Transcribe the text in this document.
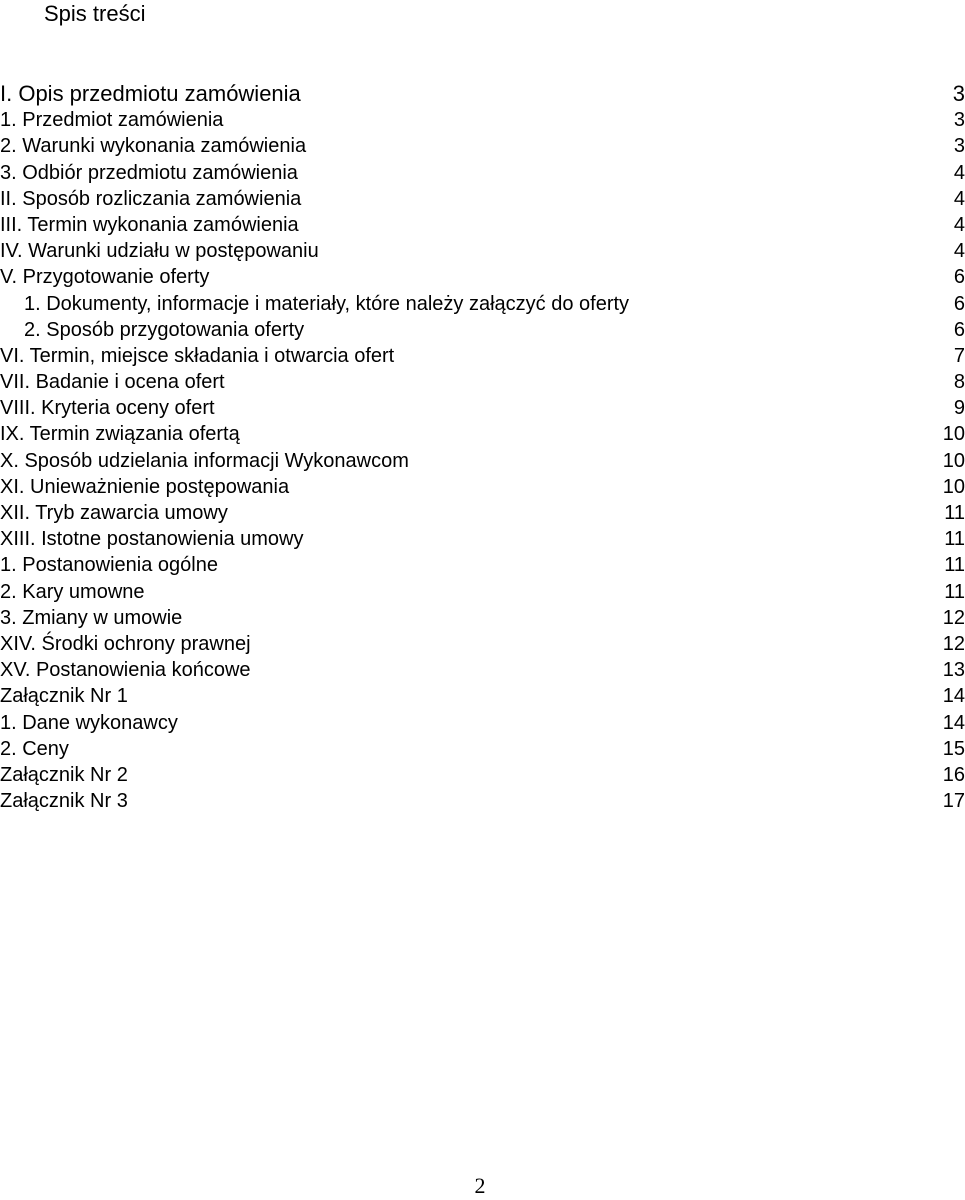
Spis treści
I. Opis przedmiotu zamówienia	3
1. Przedmiot zamówienia	3
2. Warunki wykonania zamówienia	3
3. Odbiór przedmiotu zamówienia	4
II. Sposób rozliczania zamówienia	4
III. Termin wykonania zamówienia	4
IV. Warunki udziału w postępowaniu	4
V. Przygotowanie oferty	6
1. Dokumenty, informacje i materiały, które należy załączyć do oferty	6
2. Sposób przygotowania oferty	6
VI. Termin, miejsce składania i otwarcia ofert	7
VII. Badanie i ocena ofert	8
VIII. Kryteria oceny ofert	9
IX. Termin związania ofertą	10
X. Sposób udzielania informacji Wykonawcom	10
XI. Unieważnienie postępowania	10
XII. Tryb zawarcia umowy	11
XIII. Istotne postanowienia umowy	11
1. Postanowienia ogólne	11
2. Kary umowne	11
3. Zmiany w umowie	12
XIV. Środki ochrony prawnej	12
XV. Postanowienia końcowe	13
Załącznik Nr 1	14
1. Dane wykonawcy	14
2. Ceny	15
Załącznik Nr 2	16
Załącznik Nr 3	17
2
